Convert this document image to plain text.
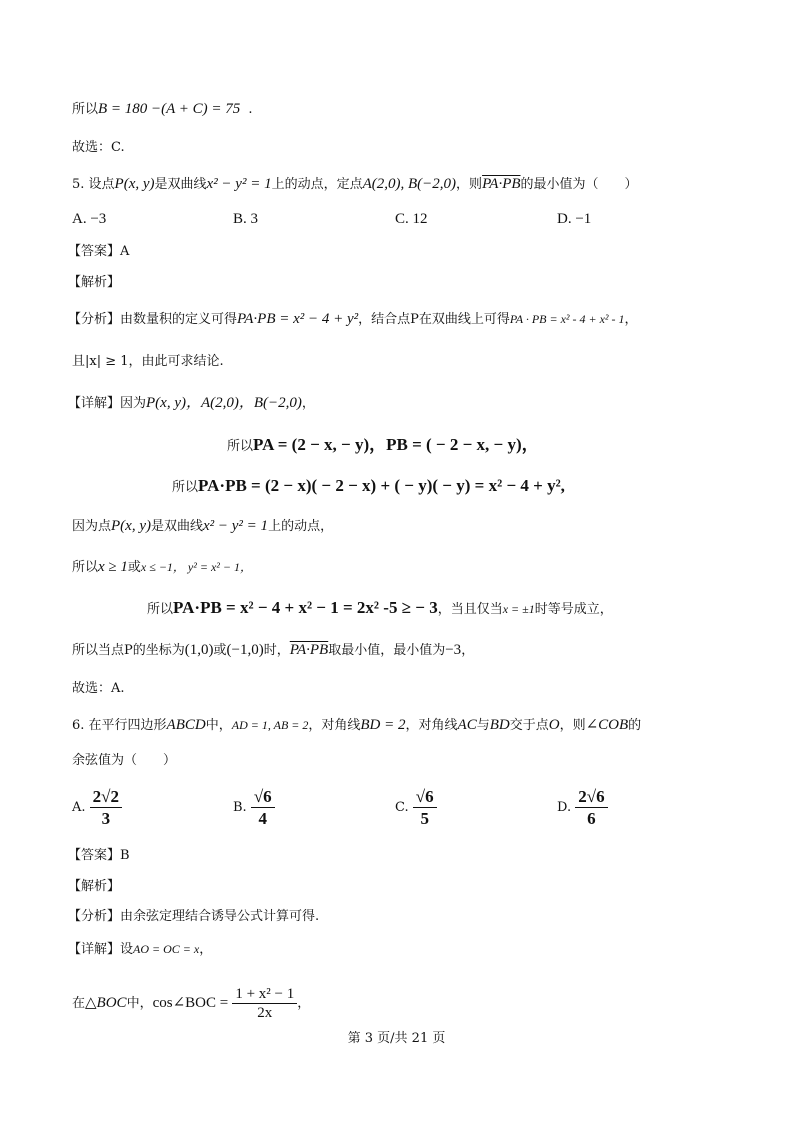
所以B = 180 −(A + C) = 75 .
故选：C.
5. 设点P(x, y)是双曲线x² − y² = 1上的动点，定点A(2,0), B(−2,0)，则PA·PB的最小值为（　　）
A. −3	B. 3	C. 12	D. −1
【答案】A
【解析】
【分析】由数量积的定义可得PA·PB = x² − 4 + y²，结合点P在双曲线上可得PA · PB = x² - 4 + x² - 1，
且|x| ≥ 1，由此可求结论.
【详解】因为P(x, y)，A(2,0)，B(−2,0)，
所以PA = (2 − x, − y)，PB = ( − 2 − x, − y)，
所以PA·PB = (2 − x)( − 2 − x) + ( − y)( − y) = x² − 4 + y²,
因为点P(x, y)是双曲线x² − y² = 1上的动点，
所以x ≥ 1或x ≤ −1， y² = x² − 1，
所以PA·PB = x² − 4 + x² − 1 = 2x² -5 ≥ − 3，当且仅当x = ±1时等号成立，
所以当点P的坐标为(1,0)或(−1,0)时，PA·PB取最小值，最小值为−3，
故选：A.
6. 在平行四边形ABCD中，AD = 1, AB = 2，对角线BD = 2，对角线AC与BD交于点O，则∠COB的
余弦值为（　　）
A. $\frac{2√2}{3}$	B. $\frac{√6}{4}$	C. $\frac{√6}{5}$	D. $\frac{2√6}{6}$
【答案】B
【解析】
【分析】由余弦定理结合诱导公式计算可得.
【详解】设AO = OC = x，
在△BOC中，cos∠BOC = $\frac{\text{1 + x² − 1}}{2x}$ ，
第 3 页/共 21 页
